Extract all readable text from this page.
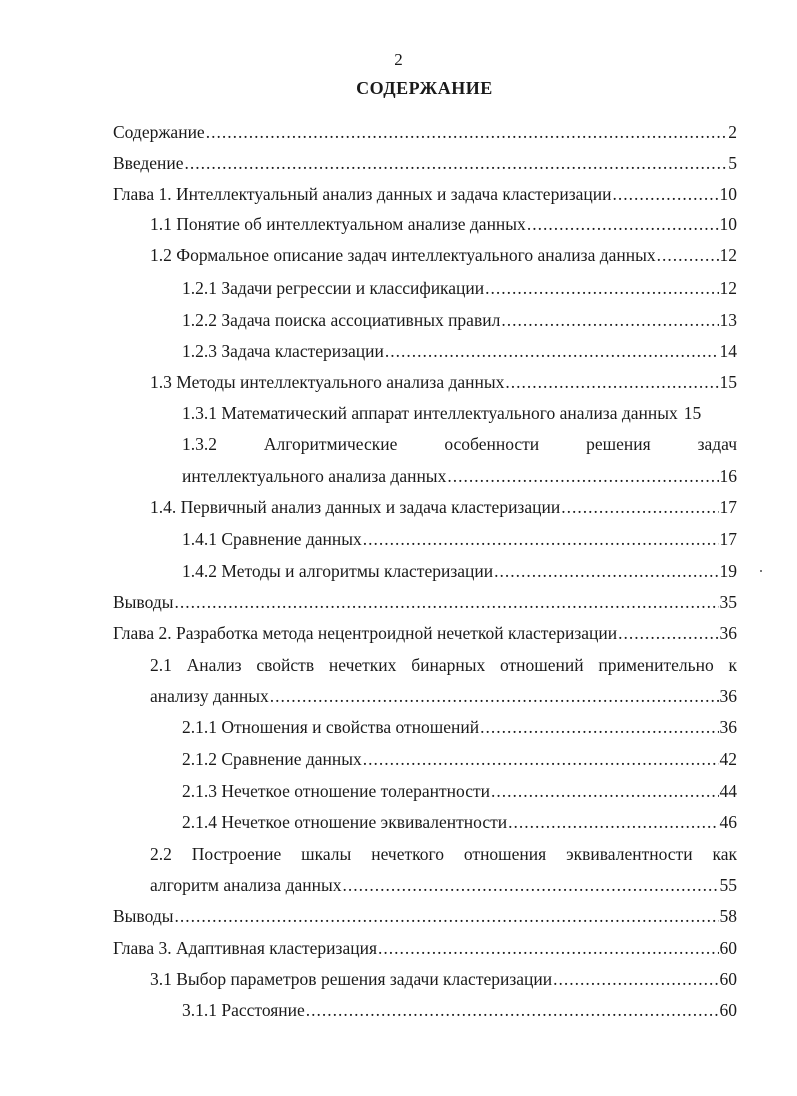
2
СОДЕРЖАНИЕ
Содержание .....	2
Введение .....	5
Глава 1. Интеллектуальный анализ данных и задача кластеризации .....	10
1.1 Понятие об интеллектуальном анализе данных .....	10
1.2 Формальное описание задач интеллектуального анализа данных .....	12
1.2.1 Задачи регрессии и классификации .....	12
1.2.2 Задача поиска ассоциативных правил .....	13
1.2.3 Задача кластеризации .....	14
1.3 Методы интеллектуального анализа данных .....	15
1.3.1 Математический аппарат интеллектуального анализа данных 15
1.3.2	Алгоритмические	особенности	решения	задач
интеллектуального анализа данных .....	16
1.4. Первичный анализ данных и задача кластеризации .....	17
1.4.1 Сравнение данных .....	17
1.4.2 Методы и алгоритмы кластеризации .....	19
Выводы .....	35
Глава 2. Разработка метода нецентроидной нечеткой кластеризации .....	36
2.1 Анализ свойств нечетких бинарных отношений применительно к
анализу данных .....	36
2.1.1 Отношения и свойства отношений .....	36
2.1.2 Сравнение данных .....	42
2.1.3 Нечеткое отношение толерантности .....	44
2.1.4 Нечеткое отношение эквивалентности .....	46
2.2 Построение шкалы нечеткого отношения эквивалентности как
алгоритм анализа данных .....	55
Выводы .....	58
Глава 3. Адаптивная кластеризация .....	60
3.1 Выбор параметров решения задачи кластеризации .....	60
3.1.1 Расстояние .....	60
